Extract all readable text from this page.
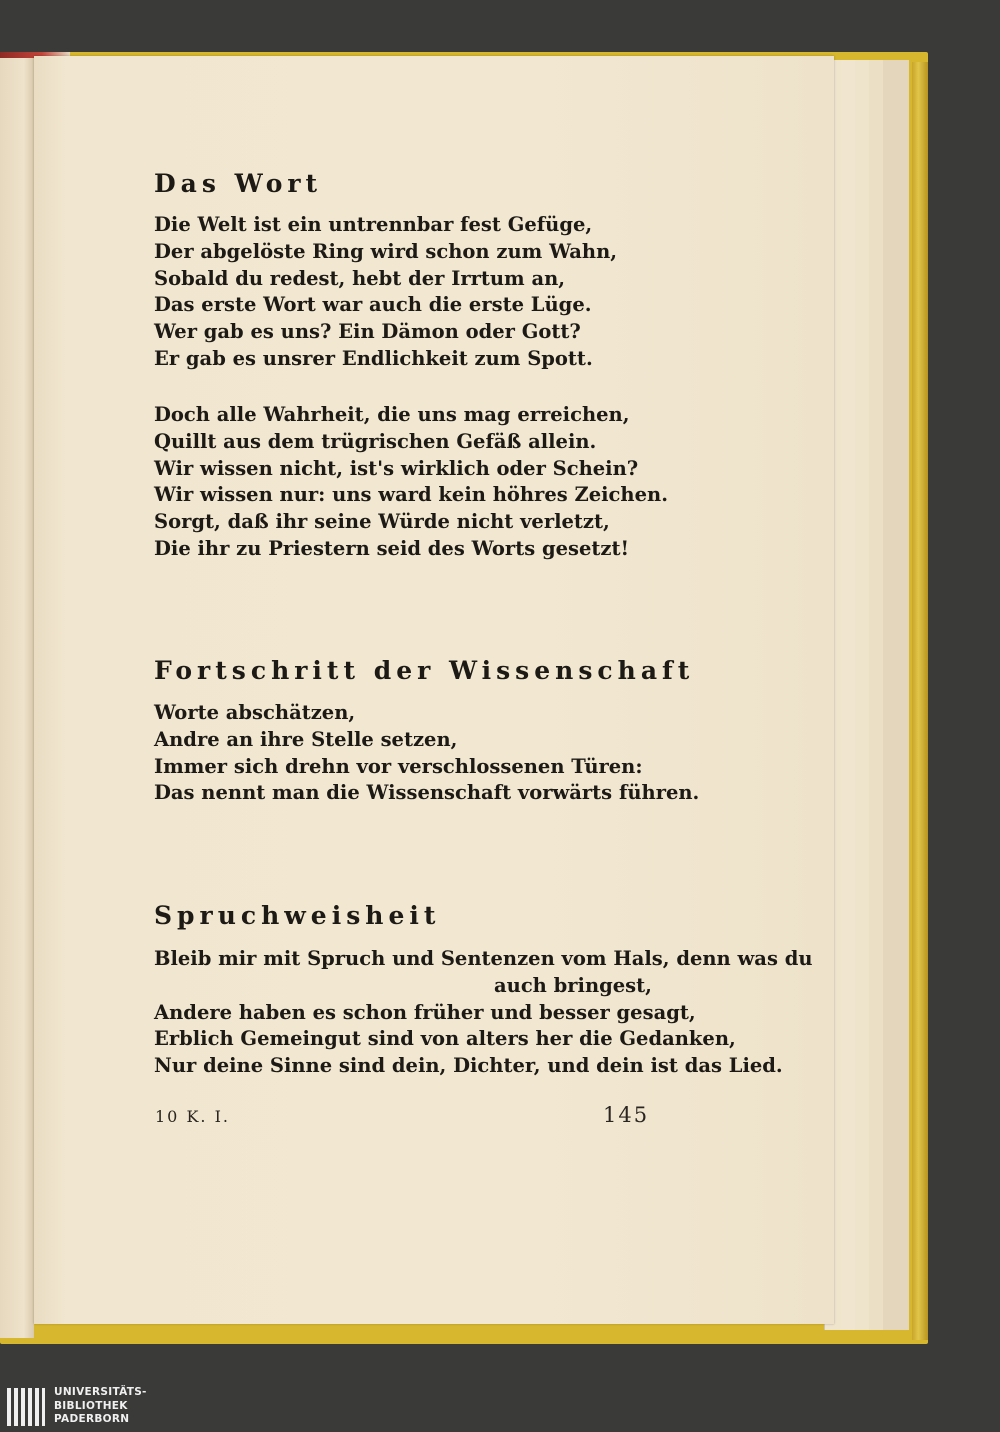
Das Wort
Die Welt ist ein untrennbar fest Gefüge,
Der abgelöste Ring wird schon zum Wahn,
Sobald du redest, hebt der Irrtum an,
Das erste Wort war auch die erste Lüge.
Wer gab es uns? Ein Dämon oder Gott?
Er gab es unsrer Endlichkeit zum Spott.
Doch alle Wahrheit, die uns mag erreichen,
Quillt aus dem trügrischen Gefäß allein.
Wir wissen nicht, ist's wirklich oder Schein?
Wir wissen nur: uns ward kein höhres Zeichen.
Sorgt, daß ihr seine Würde nicht verletzt,
Die ihr zu Priestern seid des Worts gesetzt!
Fortschritt der Wissenschaft
Worte abschätzen,
Andre an ihre Stelle setzen,
Immer sich drehn vor verschlossenen Türen:
Das nennt man die Wissenschaft vorwärts führen.
Spruchweisheit
Bleib mir mit Spruch und Sentenzen vom Hals, denn was du
auch bringest,
Andere haben es schon früher und besser gesagt,
Erblich Gemeingut sind von alters her die Gedanken,
Nur deine Sinne sind dein, Dichter, und dein ist das Lied.
10 K. I.	145
UNIVERSITÄTS-
BIBLIOTHEK
PADERBORN
